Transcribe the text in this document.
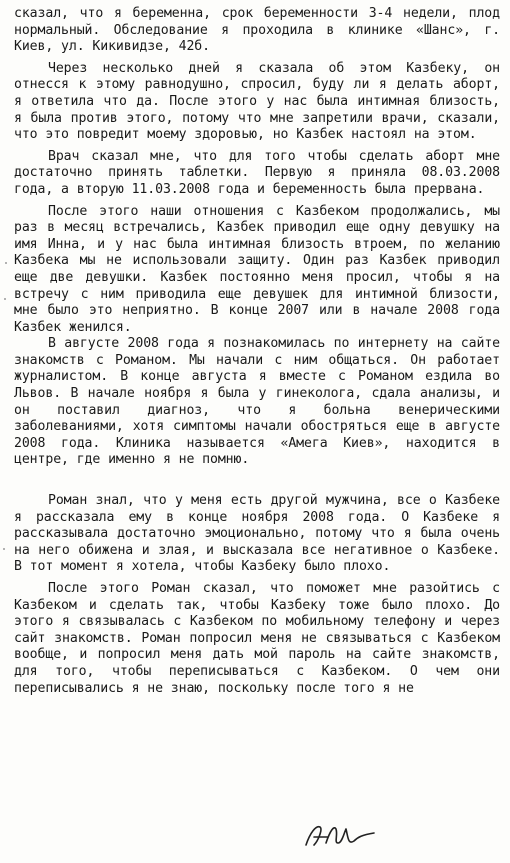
сказал, что я беременна, срок беременности 3-4 недели, плод нормальный. Обследование я проходила в клинике «Шанс», г. Киев, ул. Кикивидзе, 42б.

Через несколько дней я сказала об этом Казбеку, он отнесся к этому равнодушно, спросил, буду ли я делать аборт, я ответила что да. После этого у нас была интимная близость, я была против этого, потому что мне запретили врачи, сказали, что это повредит моему здоровью, но Казбек настоял на этом.

Врач сказал мне, что для того чтобы сделать аборт мне достаточно принять таблетки. Первую я приняла 08.03.2008 года, а вторую 11.03.2008 года и беременность была прервана.

После этого наши отношения с Казбеком продолжались, мы раз в месяц встречались, Казбек приводил еще одну девушку на имя Инна, и у нас была интимная близость втроем, по желанию Казбека мы не использовали защиту. Один раз Казбек приводил еще две девушки. Казбек постоянно меня просил, чтобы я на встречу с ним приводила еще девушек для интимной близости, мне было это неприятно. В конце 2007 или в начале 2008 года Казбек женился.

В августе 2008 года я познакомилась по интернету на сайте знакомств с Романом. Мы начали с ним общаться. Он работает журналистом. В конце августа я вместе с Романом ездила во Львов. В начале ноября я была у гинеколога, сдала анализы, и он поставил диагноз, что я больна венерическими заболеваниями, хотя симптомы начали обостряться еще в августе 2008 года. Клиника называется «Амега Киев», находится в центре, где именно я не помню.

Роман знал, что у меня есть другой мужчина, все о Казбеке я рассказала ему в конце ноября 2008 года. О Казбеке я рассказывала достаточно эмоционально, потому что я была очень на него обижена и злая, и высказала все негативное о Казбеке. В тот момент я хотела, чтобы Казбеку было плохо.

После этого Роман сказал, что поможет мне разойтись с Казбеком и сделать так, чтобы Казбеку тоже было плохо. До этого я связывалась с Казбеком по мобильному телефону и через сайт знакомств. Роман попросил меня не связываться с Казбеком вообще, и попросил меня дать мой пароль на сайте знакомств, для того, чтобы переписываться с Казбеком. О чем они переписывались я не знаю, поскольку после того я не
